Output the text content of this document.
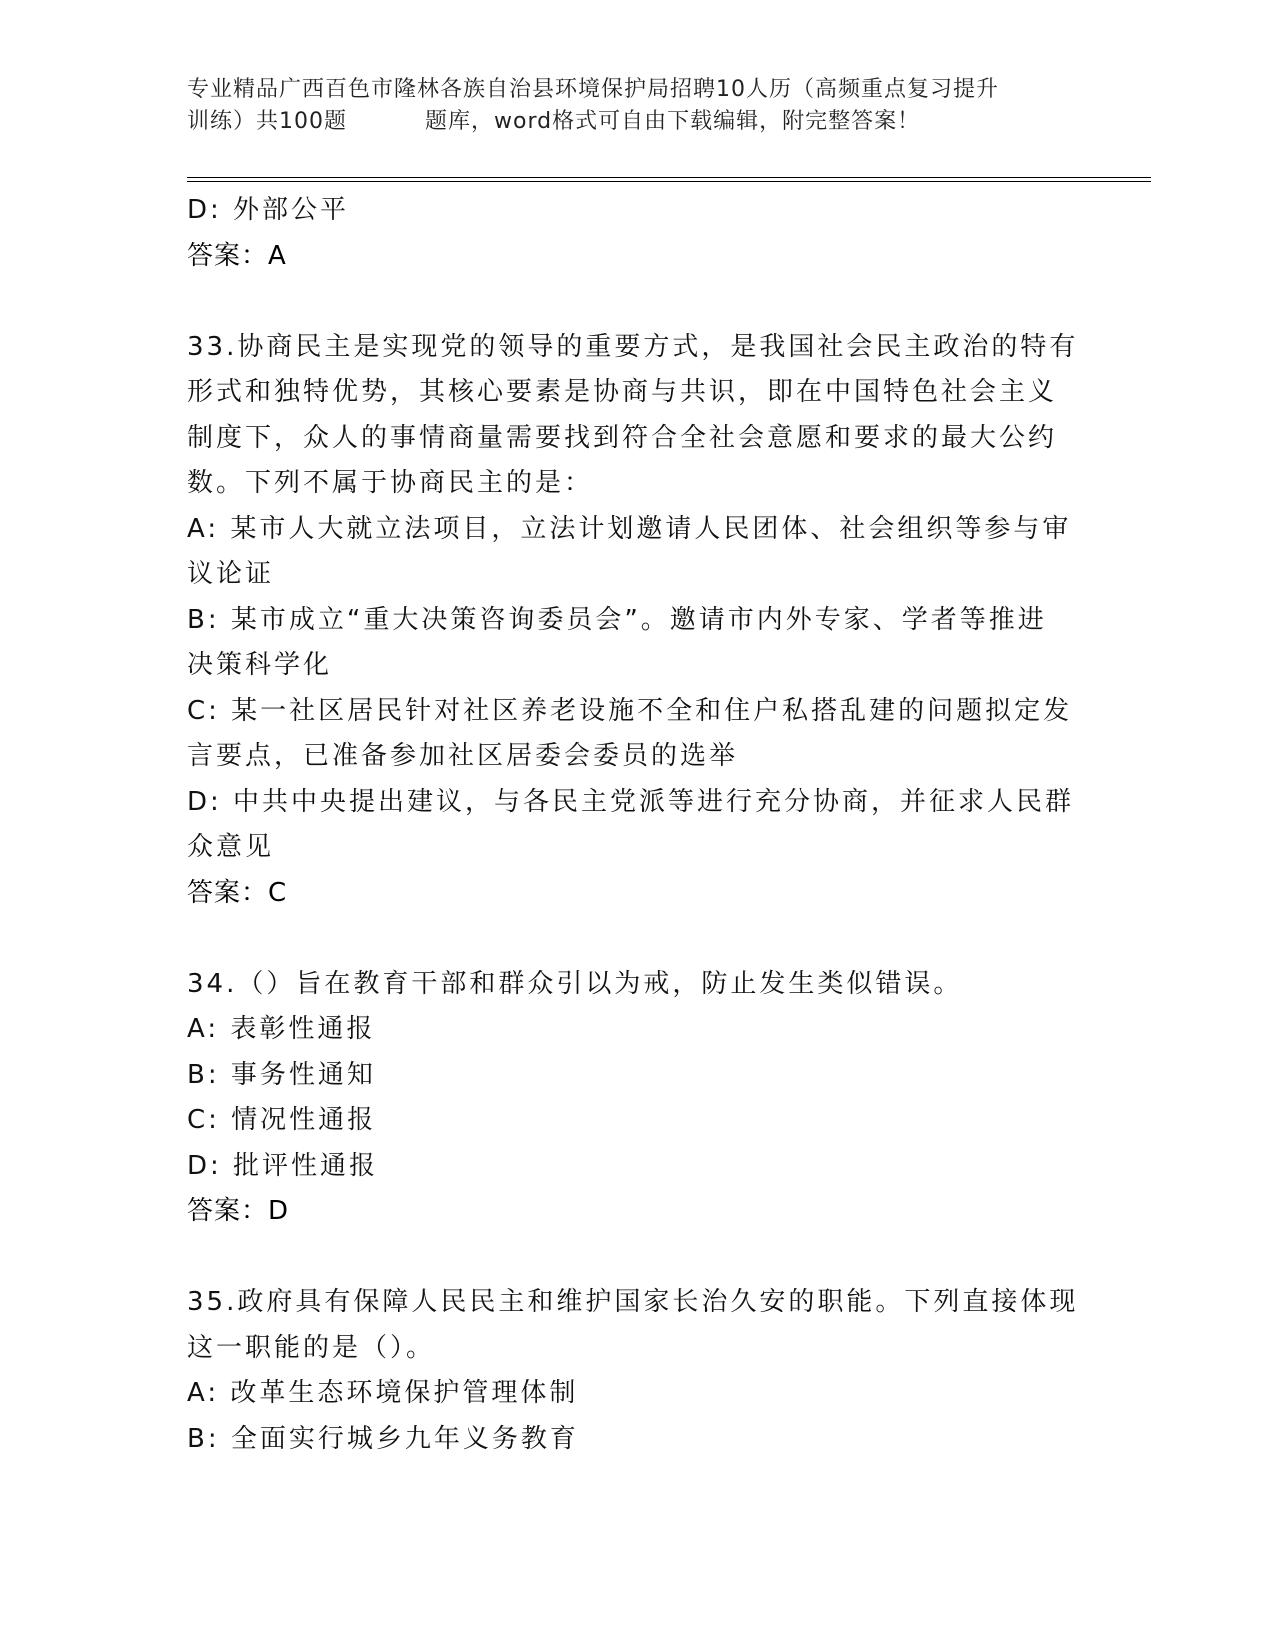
专业精品广西百色市隆林各族自治县环境保护局招聘10人历（高频重点复习提升
训练）共100题	题库，word格式可自由下载编辑，附完整答案！
D: 外部公平
答案：A
33.协商民主是实现党的领导的重要方式，是我国社会民主政治的特有
形式和独特优势，其核心要素是协商与共识，即在中国特色社会主义
制度下，众人的事情商量需要找到符合全社会意愿和要求的最大公约
数。下列不属于协商民主的是：
A: 某市人大就立法项目，立法计划邀请人民团体、社会组织等参与审
议论证
B: 某市成立“重大决策咨询委员会”。邀请市内外专家、学者等推进
决策科学化
C: 某一社区居民针对社区养老设施不全和住户私搭乱建的问题拟定发
言要点，已准备参加社区居委会委员的选举
D: 中共中央提出建议，与各民主党派等进行充分协商，并征求人民群
众意见
答案：C
34.（）旨在教育干部和群众引以为戒，防止发生类似错误。
A: 表彰性通报
B: 事务性通知
C: 情况性通报
D: 批评性通报
答案：D
35.政府具有保障人民民主和维护国家长治久安的职能。下列直接体现
这一职能的是（）。
A: 改革生态环境保护管理体制
B: 全面实行城乡九年义务教育
